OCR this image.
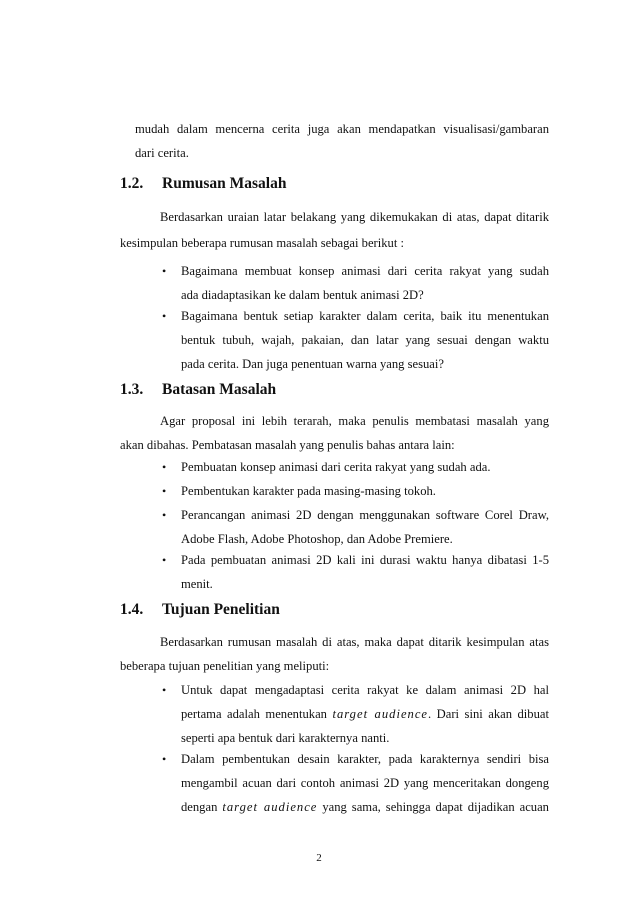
mudah dalam mencerna cerita juga akan mendapatkan visualisasi/gambaran
dari cerita.
1.2. Rumusan Masalah
Berdasarkan uraian latar belakang yang dikemukakan di atas, dapat ditarik
kesimpulan beberapa rumusan masalah sebagai berikut :
• Bagaimana membuat konsep animasi dari cerita rakyat yang sudah
ada diadaptasikan ke dalam bentuk animasi 2D?
• Bagaimana bentuk setiap karakter dalam cerita, baik itu menentukan
bentuk tubuh, wajah, pakaian, dan latar yang sesuai dengan waktu
pada cerita. Dan juga penentuan warna yang sesuai?
1.3. Batasan Masalah
Agar proposal ini lebih terarah, maka penulis membatasi masalah yang
akan dibahas. Pembatasan masalah yang penulis bahas antara lain:
• Pembuatan konsep animasi dari cerita rakyat yang sudah ada.
• Pembentukan karakter pada masing-masing tokoh.
• Perancangan animasi 2D dengan menggunakan software Corel Draw,
Adobe Flash, Adobe Photoshop, dan Adobe Premiere.
• Pada pembuatan animasi 2D kali ini durasi waktu hanya dibatasi 1-5
menit.
1.4. Tujuan Penelitian
Berdasarkan rumusan masalah di atas, maka dapat ditarik kesimpulan atas
beberapa tujuan penelitian yang meliputi:
• Untuk dapat mengadaptasi cerita rakyat ke dalam animasi 2D hal
pertama adalah menentukan target audience. Dari sini akan dibuat
seperti apa bentuk dari karakternya nanti.
• Dalam pembentukan desain karakter, pada karakternya sendiri bisa
mengambil acuan dari contoh animasi 2D yang menceritakan dongeng
dengan target audience yang sama, sehingga dapat dijadikan acuan
2
